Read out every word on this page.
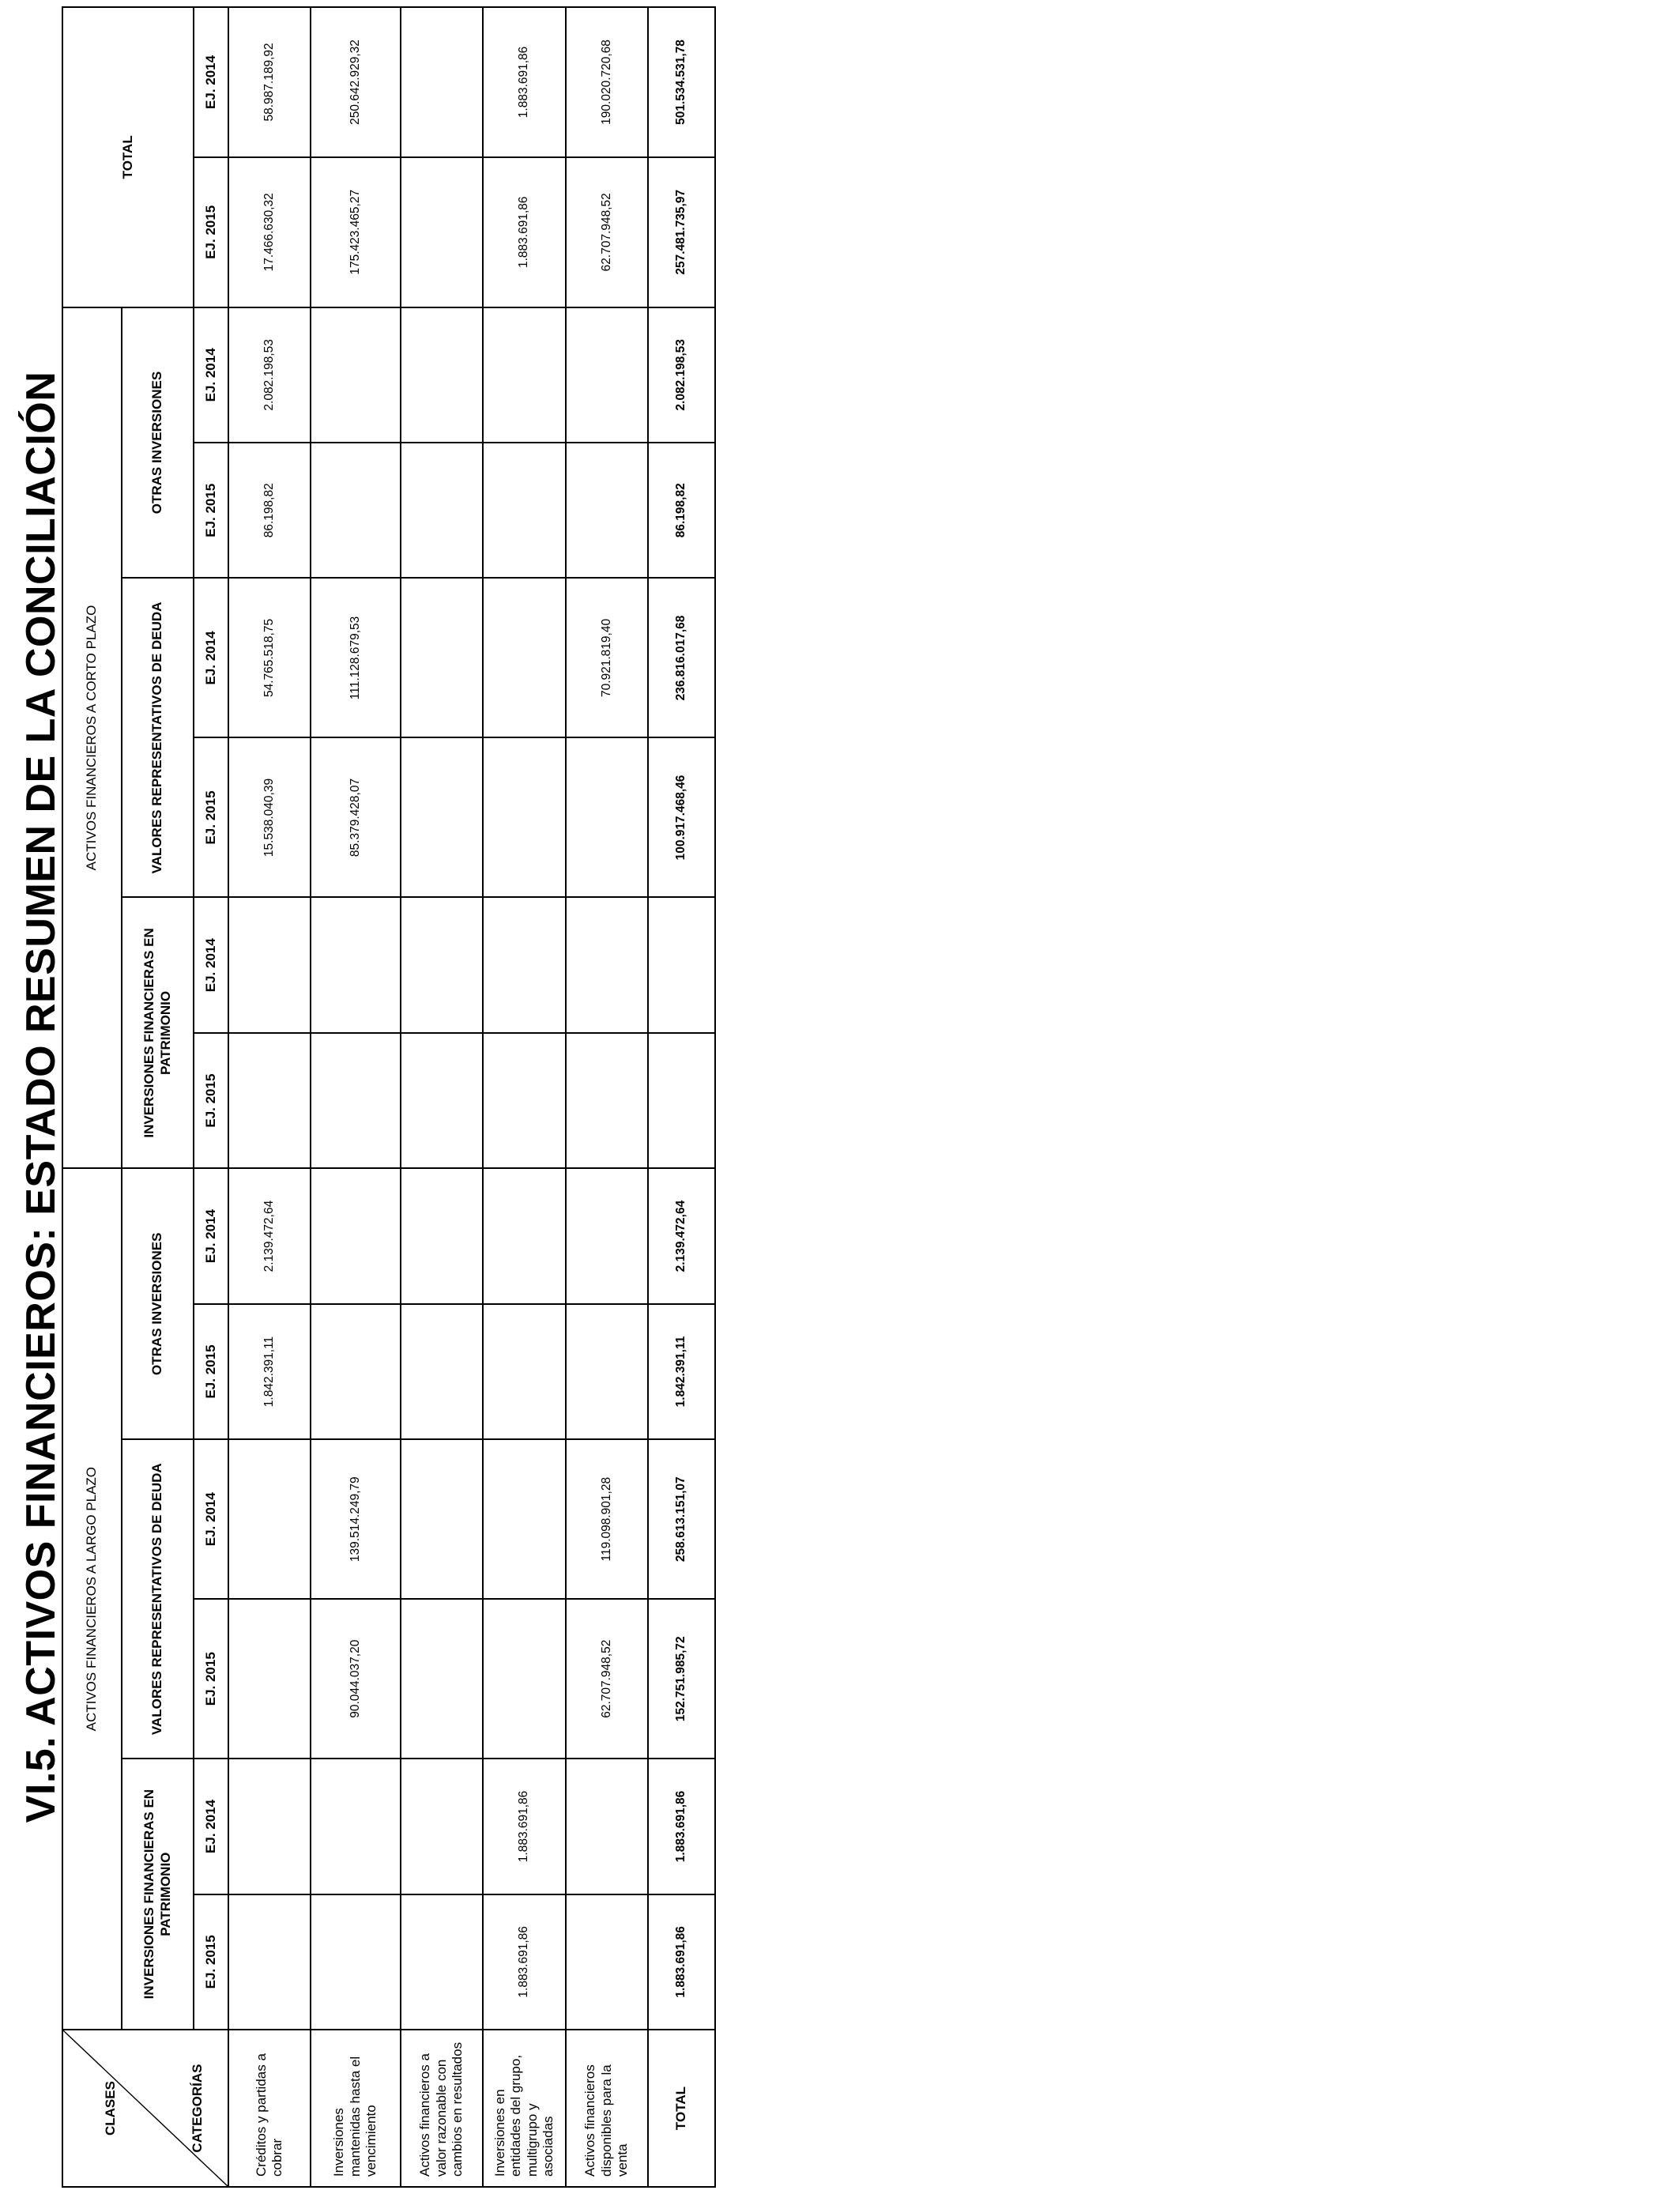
VI.5. ACTIVOS FINANCIEROS: ESTADO RESUMEN DE LA CONCILIACIÓN
CLASES CATEGORÍAS	ACTIVOS FINANCIEROS A LARGO PLAZO						ACTIVOS FINANCIEROS A CORTO PLAZO						TOTAL	
	INVERSIONES FINANCIERAS EN PATRIMONIO		VALORES REPRESENTATIVOS DE DEUDA		OTRAS INVERSIONES		INVERSIONES FINANCIERAS EN PATRIMONIO		VALORES REPRESENTATIVOS DE DEUDA		OTRAS INVERSIONES			
	EJ. 2015	EJ. 2014	EJ. 2015	EJ. 2014	EJ. 2015	EJ. 2014	EJ. 2015	EJ. 2014	EJ. 2015	EJ. 2014	EJ. 2015	EJ. 2014	EJ. 2015	EJ. 2014
Créditos y partidas a cobrar					1.842.391,11	2.139.472,64			15.538.040,39	54.765.518,75	86.198,82	2.082.198,53	17.466.630,32	58.987.189,92
Inversiones mantenidas hasta el vencimiento			90.044.037,20	139.514.249,79					85.379.428,07	111.128.679,53			175.423.465,27	250.642.929,32
Activos financieros a valor razonable con cambios en resultados														
Inversiones en entidades del grupo, multigrupo y asociadas	1.883.691,86	1.883.691,86											1.883.691,86	1.883.691,86
Activos financieros disponibles para la venta			62.707.948,52	119.098.901,28						70.921.819,40			62.707.948,52	190.020.720,68
TOTAL	1.883.691,86	1.883.691,86	152.751.985,72	258.613.151,07	1.842.391,11	2.139.472,64			100.917.468,46	236.816.017,68	86.198,82	2.082.198,53	257.481.735,97	501.534.531,78
